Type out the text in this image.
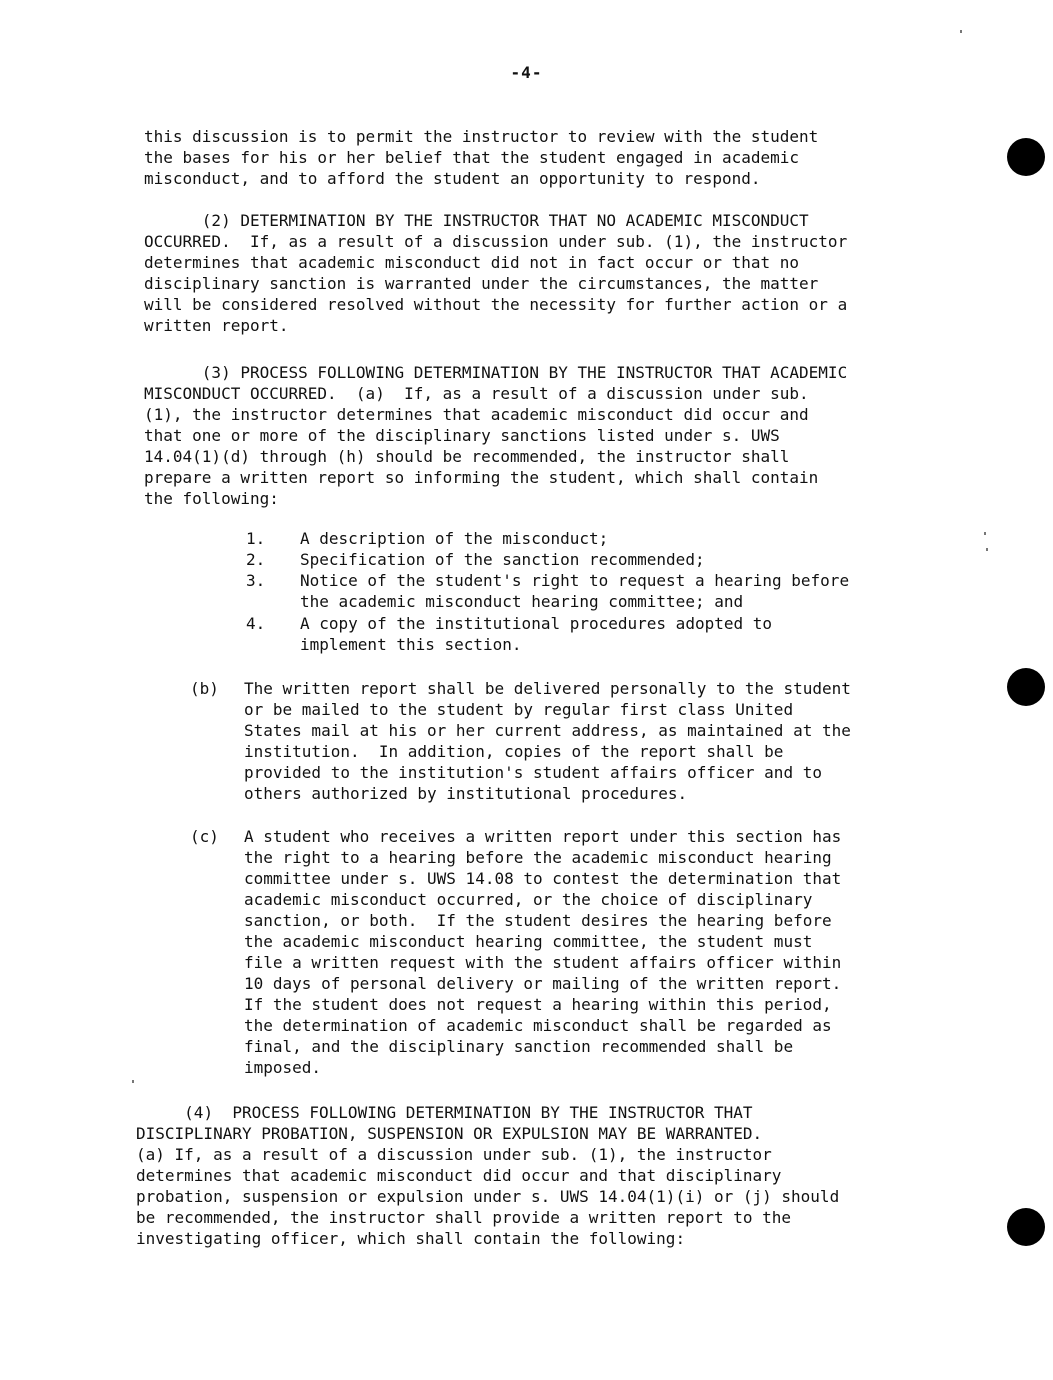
-4-

this discussion is to permit the instructor to review with the student
the bases for his or her belief that the student engaged in academic
misconduct, and to afford the student an opportunity to respond.

(2) DETERMINATION BY THE INSTRUCTOR THAT NO ACADEMIC MISCONDUCT
OCCURRED.  If, as a result of a discussion under sub. (1), the instructor
determines that academic misconduct did not in fact occur or that no
disciplinary sanction is warranted under the circumstances, the matter
will be considered resolved without the necessity for further action or a
written report.

(3) PROCESS FOLLOWING DETERMINATION BY THE INSTRUCTOR THAT ACADEMIC
MISCONDUCT OCCURRED.  (a)  If, as a result of a discussion under sub.
(1), the instructor determines that academic misconduct did occur and
that one or more of the disciplinary sanctions listed under s. UWS
14.04(1)(d) through (h) should be recommended, the instructor shall
prepare a written report so informing the student, which shall contain
the following:

1.	A description of the misconduct;
2.	Specification of the sanction recommended;
3.	Notice of the student's right to request a hearing before
the academic misconduct hearing committee; and
4.	A copy of the institutional procedures adopted to
implement this section.
(b)	The written report shall be delivered personally to the student
or be mailed to the student by regular first class United
States mail at his or her current address, as maintained at the
institution.  In addition, copies of the report shall be
provided to the institution's student affairs officer and to
others authorized by institutional procedures.
(c)	A student who receives a written report under this section has
the right to a hearing before the academic misconduct hearing
committee under s. UWS 14.08 to contest the determination that
academic misconduct occurred, or the choice of disciplinary
sanction, or both.  If the student desires the hearing before
the academic misconduct hearing committee, the student must
file a written request with the student affairs officer within
10 days of personal delivery or mailing of the written report.
If the student does not request a hearing within this period,
the determination of academic misconduct shall be regarded as
final, and the disciplinary sanction recommended shall be
imposed.

(4)  PROCESS FOLLOWING DETERMINATION BY THE INSTRUCTOR THAT
DISCIPLINARY PROBATION, SUSPENSION OR EXPULSION MAY BE WARRANTED.
(a) If, as a result of a discussion under sub. (1), the instructor
determines that academic misconduct did occur and that disciplinary
probation, suspension or expulsion under s. UWS 14.04(1)(i) or (j) should
be recommended, the instructor shall provide a written report to the
investigating officer, which shall contain the following:
